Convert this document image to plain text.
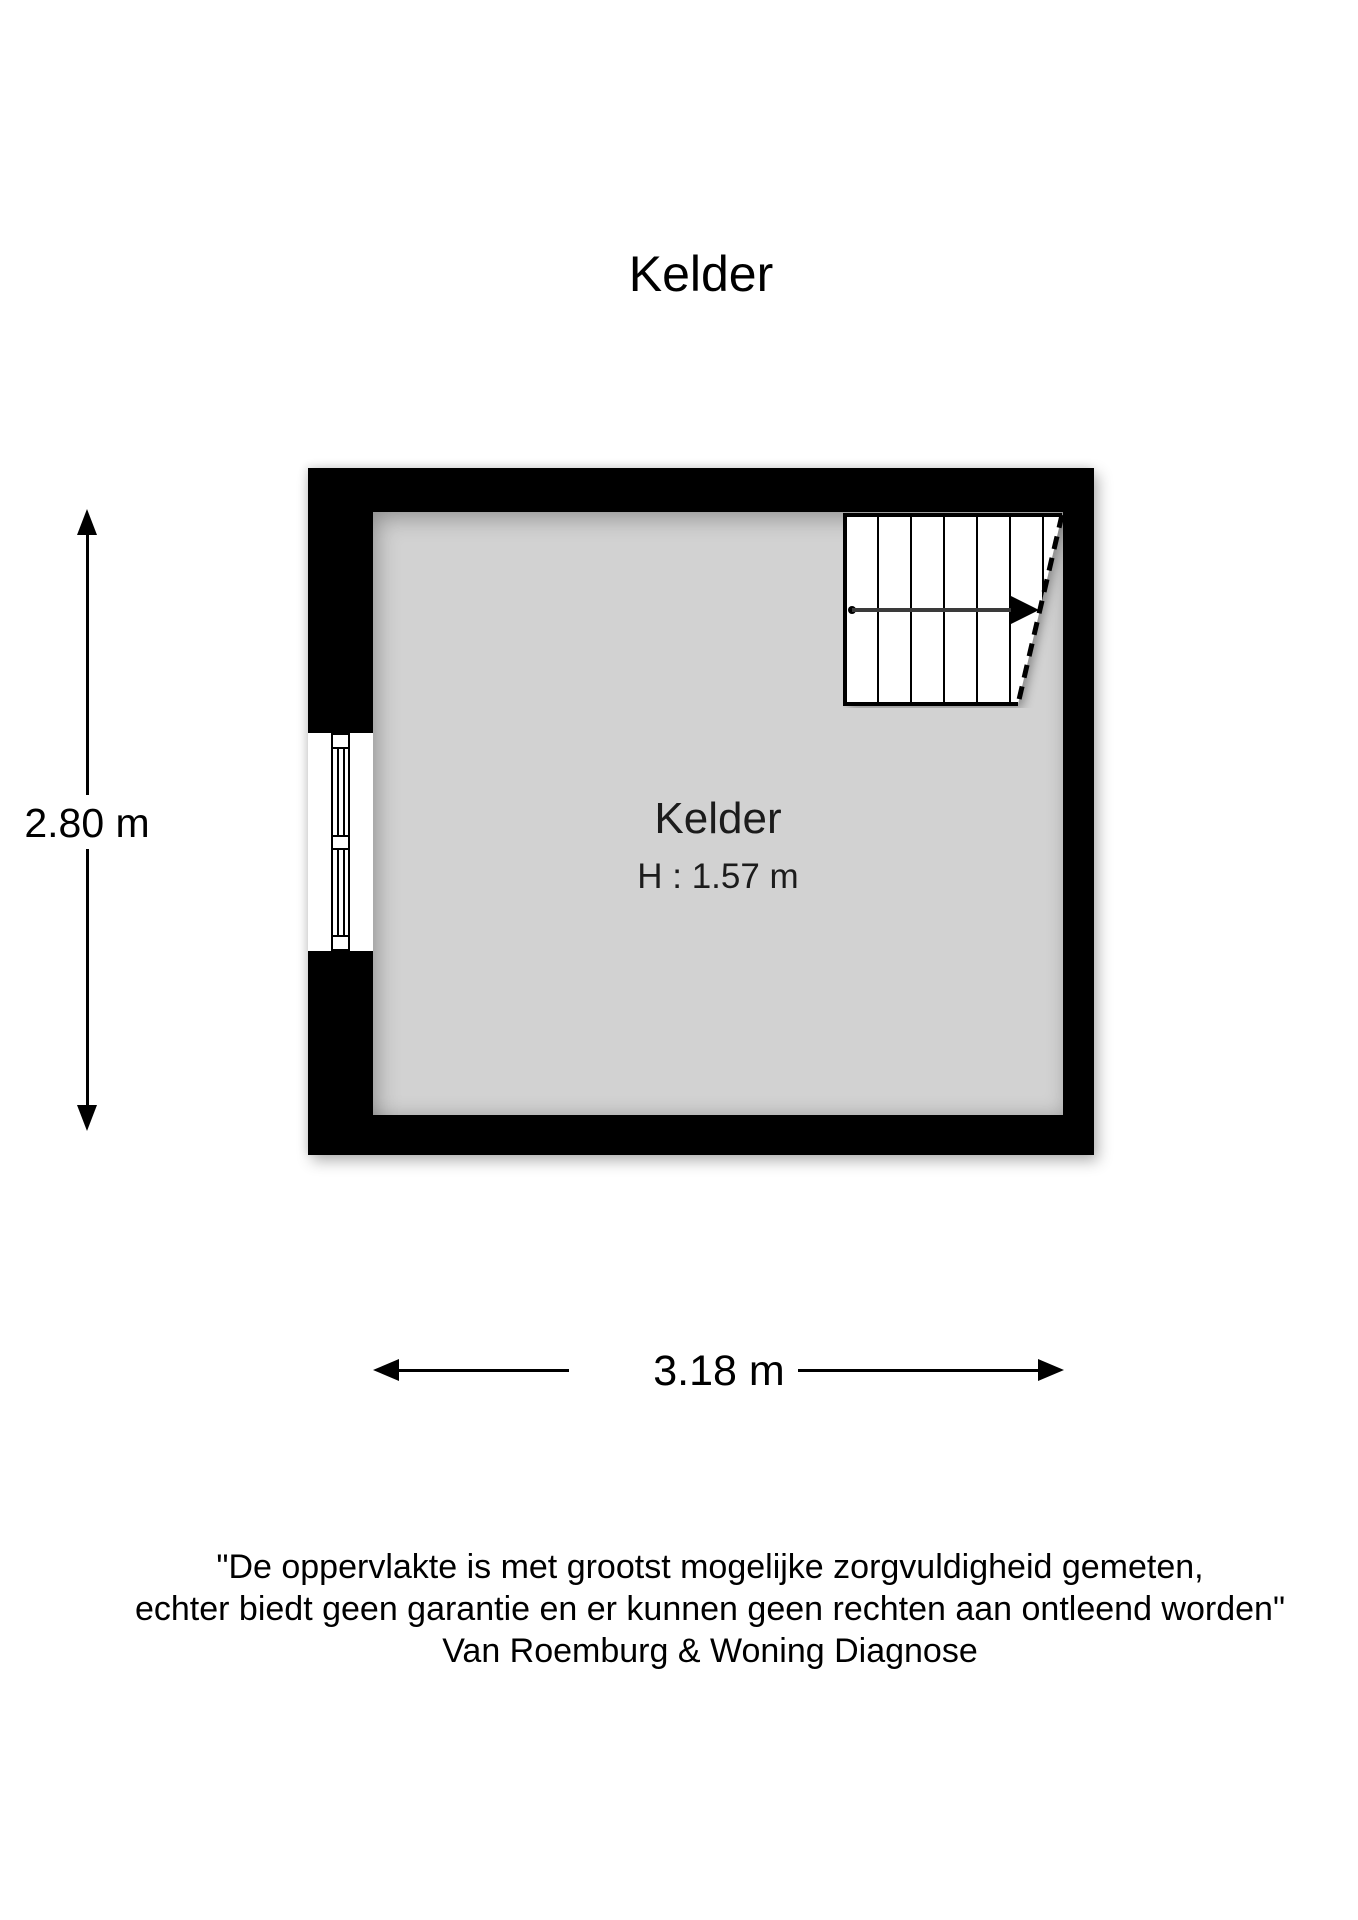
Kelder
2.80 m
3.18 m
Kelder
H : 1.57 m
"De oppervlakte is met grootst mogelijke zorgvuldigheid gemeten,
echter biedt geen garantie en er kunnen geen rechten aan ontleend worden"
Van Roemburg & Woning Diagnose
